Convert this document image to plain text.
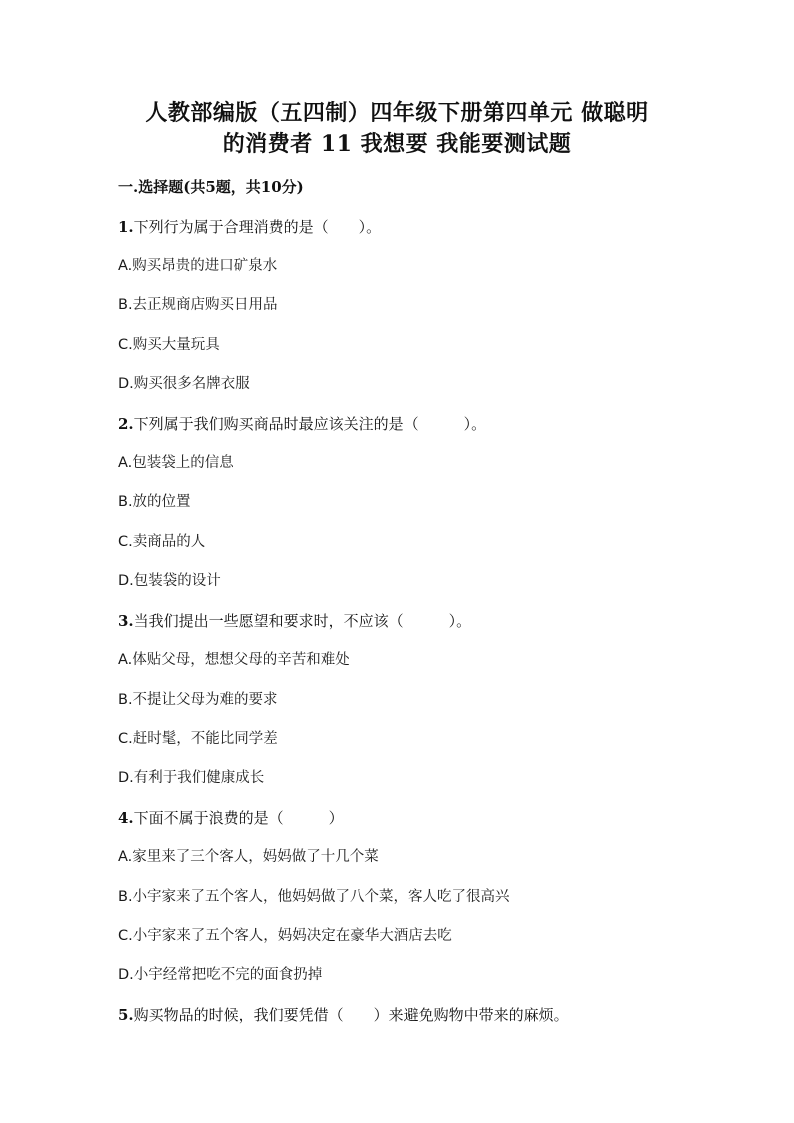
人教部编版（五四制）四年级下册第四单元 做聪明
的消费者 11 我想要 我能要测试题
一.选择题(共5题，共10分)
1.下列行为属于合理消费的是（　　）。
A.购买昂贵的进口矿泉水
B.去正规商店购买日用品
C.购买大量玩具
D.购买很多名牌衣服
2.下列属于我们购买商品时最应该关注的是（　　　）。
A.包装袋上的信息
B.放的位置
C.卖商品的人
D.包装袋的设计
3.当我们提出一些愿望和要求时，不应该（　　　）。
A.体贴父母，想想父母的辛苦和难处
B.不提让父母为难的要求
C.赶时髦，不能比同学差
D.有利于我们健康成长
4.下面不属于浪费的是（　　　）
A.家里来了三个客人，妈妈做了十几个菜
B.小宇家来了五个客人，他妈妈做了八个菜，客人吃了很高兴
C.小宇家来了五个客人，妈妈决定在豪华大酒店去吃
D.小宇经常把吃不完的面食扔掉
5.购买物品的时候，我们要凭借（　　）来避免购物中带来的麻烦。
